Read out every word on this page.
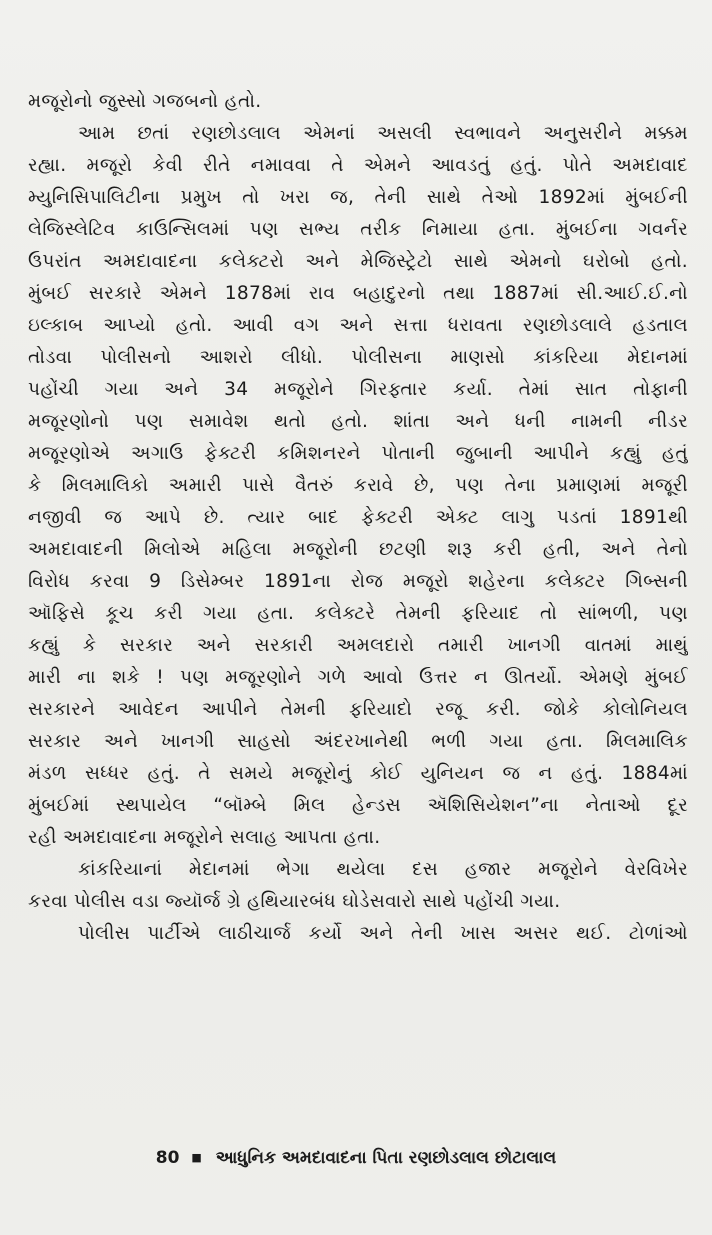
મજૂરોનો જુસ્સો ગજબનો હતો.
આમ છતાં રણછોડલાલ એમનાં અસલી સ્વભાવને અનુસરીને મક્કમ
રહ્યા. મજૂરો કેવી રીતે નમાવવા તે એમને આવડતું હતું. પોતે અમદાવાદ
મ્યુનિસિપાલિટીના પ્રમુખ તો ખરા જ, તેની સાથે તેઓ 1892માં મુંબઈની
લેજિસ્લેટિવ કાઉન્સિલમાં પણ સભ્ય તરીક નિમાયા હતા. મુંબઈના ગવર્નર
ઉપરાંત અમદાવાદના કલેક્ટરો અને મેજિસ્ટ્રેટો સાથે એમનો ઘરોબો હતો.
મુંબઈ સરકારે એમને 1878માં રાવ બહાદુરનો તથા 1887માં સી.આઈ.ઈ.નો
ઇલ્કાબ આપ્યો હતો. આવી વગ અને સત્તા ધરાવતા રણછોડલાલે હડતાલ
તોડવા પોલીસનો આશરો લીધો. પોલીસના માણસો કાંકરિયા મેદાનમાં
પહોંચી ગયા અને 34 મજૂરોને ગિરફ્તાર કર્યા. તેમાં સાત તોફાની
મજૂરણોનો પણ સમાવેશ થતો હતો. શાંતા અને ધની નામની નીડર
મજૂરણોએ અગાઉ ફેક્ટરી કમિશનરને પોતાની જુબાની આપીને કહ્યું હતું
કે મિલમાલિકો અમારી પાસે વૈતરું કરાવે છે, પણ તેના પ્રમાણમાં મજૂરી
નજીવી જ આપે છે. ત્યાર બાદ ફેક્ટરી એક્ટ લાગુ પડતાં 1891થી
અમદાવાદની મિલોએ મહિલા મજૂરોની છટણી શરૂ કરી હતી, અને તેનો
વિરોધ કરવા 9 ડિસેમ્બર 1891ના રોજ મજૂરો શહેરના કલેક્ટર ગિબ્સની
ઑફિસે કૂચ કરી ગયા હતા. કલેક્ટરે તેમની ફરિયાદ તો સાંભળી, પણ
કહ્યું કે સરકાર અને સરકારી અમલદારો તમારી ખાનગી વાતમાં માથું
મારી ના શકે ! પણ મજૂરણોને ગળે આવો ઉત્તર ન ઊતર્યો. એમણે મુંબઈ
સરકારને આવેદન આપીને તેમની ફરિયાદો રજૂ કરી. જોકે કોલોનિયલ
સરકાર અને ખાનગી સાહસો અંદરખાનેથી ભળી ગયા હતા. મિલમાલિક
મંડળ સધ્ધર હતું. તે સમયે મજૂરોનું કોઈ યુનિયન જ ન હતું. 1884માં
મુંબઈમાં સ્થપાયેલ “બૉમ્બે મિલ હેન્ડસ ઍશિસિયેશન”ના નેતાઓ દૂર
રહી અમદાવાદના મજૂરોને સલાહ આપતા હતા.
કાંકરિયાનાં મેદાનમાં ભેગા થયેલા દસ હજાર મજૂરોને વેરવિખેર
કરવા પોલીસ વડા જ્યૉર્જ ગ્રે હથિયારબંધ ઘોડેસવારો સાથે પહોંચી ગયા.
પોલીસ પાર્ટીએ લાઠીચાર્જ કર્યો અને તેની ખાસ અસર થઈ. ટોળાંઓ
80 ■ આધુનિક અમદાવાદના પિતા રણછોડલાલ છોટાલાલ
